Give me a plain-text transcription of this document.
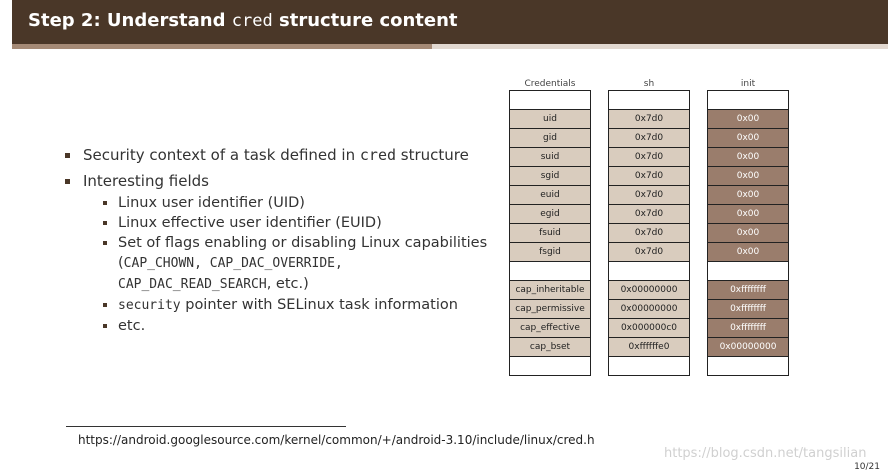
Step 2: Understand cred structure content
Security context of a task defined in cred structure
Interesting fields
Linux user identifier (UID)
Linux effective user identifier (EUID)
Set of flags enabling or disabling Linux capabilities
(CAP_CHOWN, CAP_DAC_OVERRIDE,
CAP_DAC_READ_SEARCH, etc.)
security pointer with SELinux task information
etc.
Credentials	sh	init
uid
gid
suid
sgid
euid
egid
fsuid
fsgid
cap_inheritable
cap_permissive
cap_effective
cap_bset
0x7d0
0x7d0
0x7d0
0x7d0
0x7d0
0x7d0
0x7d0
0x7d0
0x00000000
0x00000000
0x000000c0
0xffffffe0
0x00
0x00
0x00
0x00
0x00
0x00
0x00
0x00
0xffffffff
0xffffffff
0xffffffff
0x00000000
https://android.googlesource.com/kernel/common/+/android-3.10/include/linux/cred.h
https://blog.csdn.net/tangsilian
10/21
